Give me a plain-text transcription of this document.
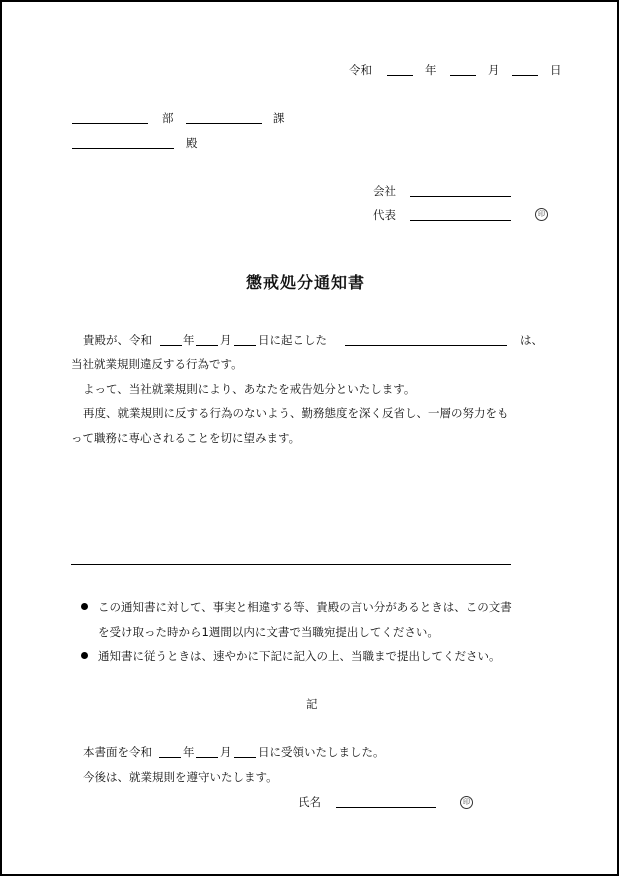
令和	年	月	日
部	課
殿
会社
代表	印
懲戒処分通知書
貴殿が、令和	年 月 日に起こした	は、
当社就業規則違反する行為です。
よって、当社就業規則により、あなたを戒告処分といたします。
再度、就業規則に反する行為のないよう、勤務態度を深く反省し、一層の努力をも
って職務に専心されることを切に望みます。
この通知書に対して、事実と相違する等、貴殿の言い分があるときは、この文書
を受け取った時から1週間以内に文書で当職宛提出してください。
通知書に従うときは、速やかに下記に記入の上、当職まで提出してください。
記
本書面を令和	年 月 日に受領いたしました。
今後は、就業規則を遵守いたします。
氏名	印
